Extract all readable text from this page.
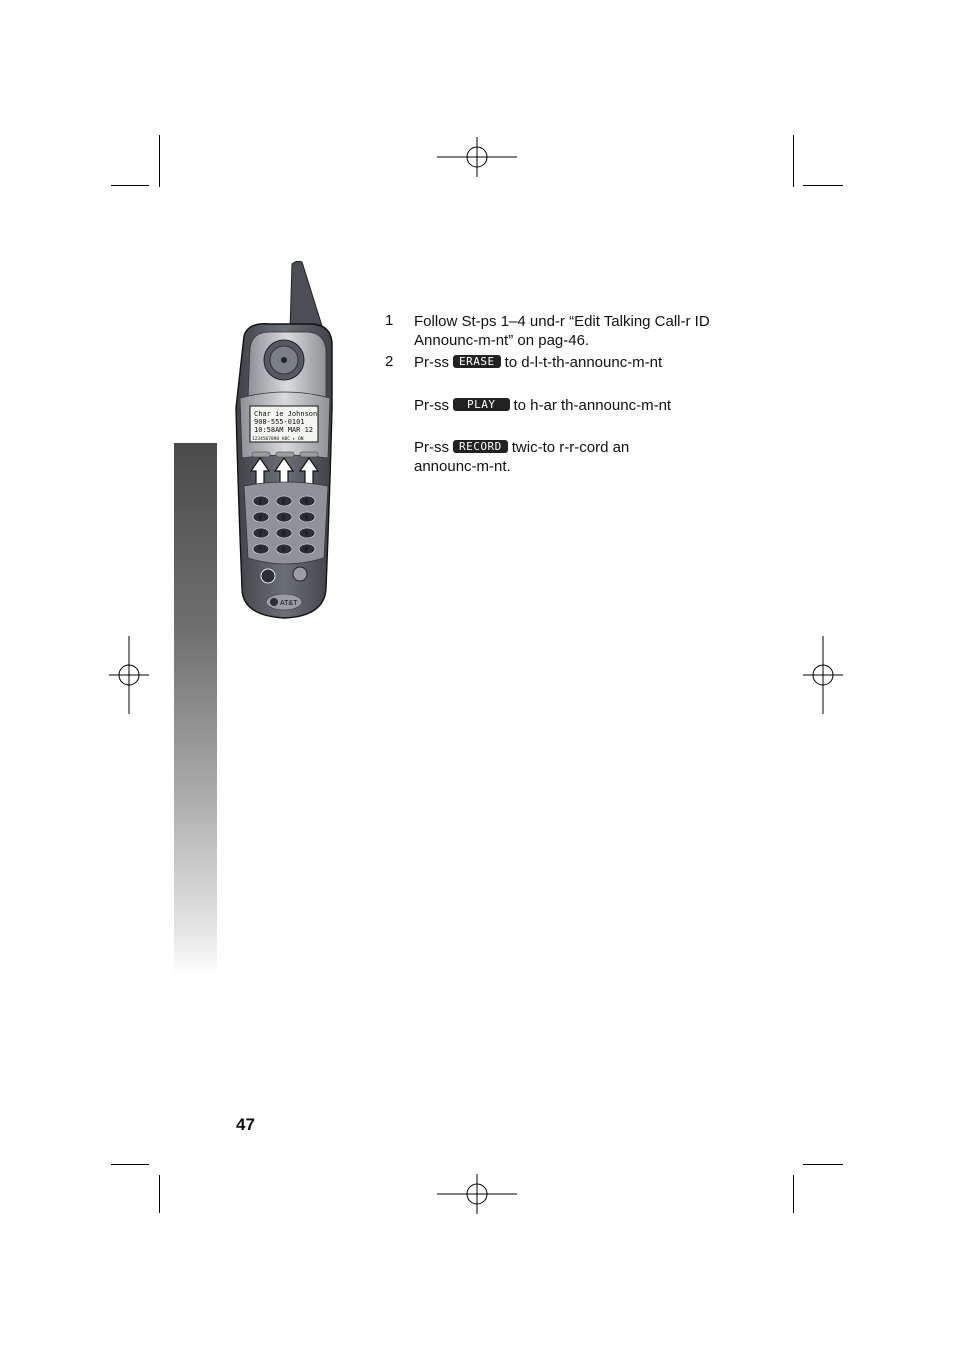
Char ie Johnson
908-555-0101
10:58AM MAR 12
1234567890 ABC ▸ ON
1	2	3
4	5	6
7	8	9
*	0	#
AT&T
1
2
Follow St-ps 1–4 und-r “Edit Talking Call-r ID
Announc-m-nt” on pag-46.
Pr-ss ERASE to d-l-t-th-announc-m-nt
Pr-ss PLAY to h-ar th-announc-m-nt
Pr-ss RECORD twic-to r-r-cord an
announc-m-nt.
47
